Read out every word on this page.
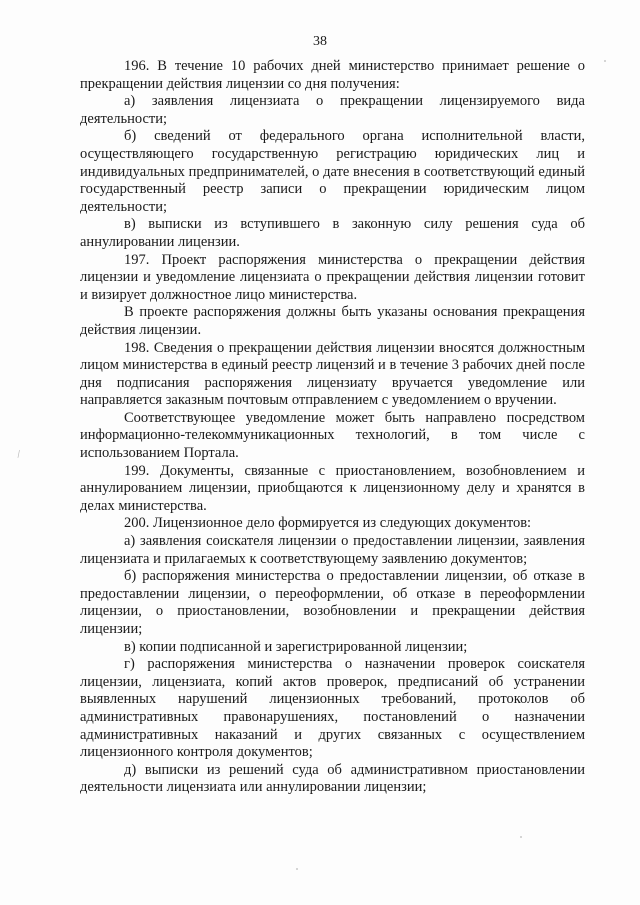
38

196. В течение 10 рабочих дней министерство принимает решение о прекращении действия лицензии со дня получения:

а) заявления лицензиата о прекращении лицензируемого вида деятельности;

б) сведений от федерального органа исполнительной власти, осуществляющего государственную регистрацию юридических лиц и индивидуальных предпринимателей, о дате внесения в соответствующий единый государственный реестр записи о прекращении юридическим лицом деятельности;

в) выписки из вступившего в законную силу решения суда об аннулировании лицензии.

197. Проект распоряжения министерства о прекращении действия лицензии и уведомление лицензиата о прекращении действия лицензии готовит и визирует должностное лицо министерства.

В проекте распоряжения должны быть указаны основания прекращения действия лицензии.

198. Сведения о прекращении действия лицензии вносятся должностным лицом министерства в единый реестр лицензий и в течение 3 рабочих дней после дня подписания распоряжения лицензиату вручается уведомление или направляется заказным почтовым отправлением с уведомлением о вручении.

Соответствующее уведомление может быть направлено посредством информационно-телекоммуникационных технологий, в том числе с использованием Портала.

199. Документы, связанные с приостановлением, возобновлением и аннулированием лицензии, приобщаются к лицензионному делу и хранятся в делах министерства.

200. Лицензионное дело формируется из следующих документов:

а) заявления соискателя лицензии о предоставлении лицензии, заявления лицензиата и прилагаемых к соответствующему заявлению документов;

б) распоряжения министерства о предоставлении лицензии, об отказе в предоставлении лицензии, о переоформлении, об отказе в переоформлении лицензии, о приостановлении, возобновлении и прекращении действия лицензии;

в) копии подписанной и зарегистрированной лицензии;

г) распоряжения министерства о назначении проверок соискателя лицензии, лицензиата, копий актов проверок, предписаний об устранении выявленных нарушений лицензионных требований, протоколов об административных правонарушениях, постановлений о назначении административных наказаний и других связанных с осуществлением лицензионного контроля документов;

д) выписки из решений суда об административном приостановлении деятельности лицензиата или аннулировании лицензии;

⁄
